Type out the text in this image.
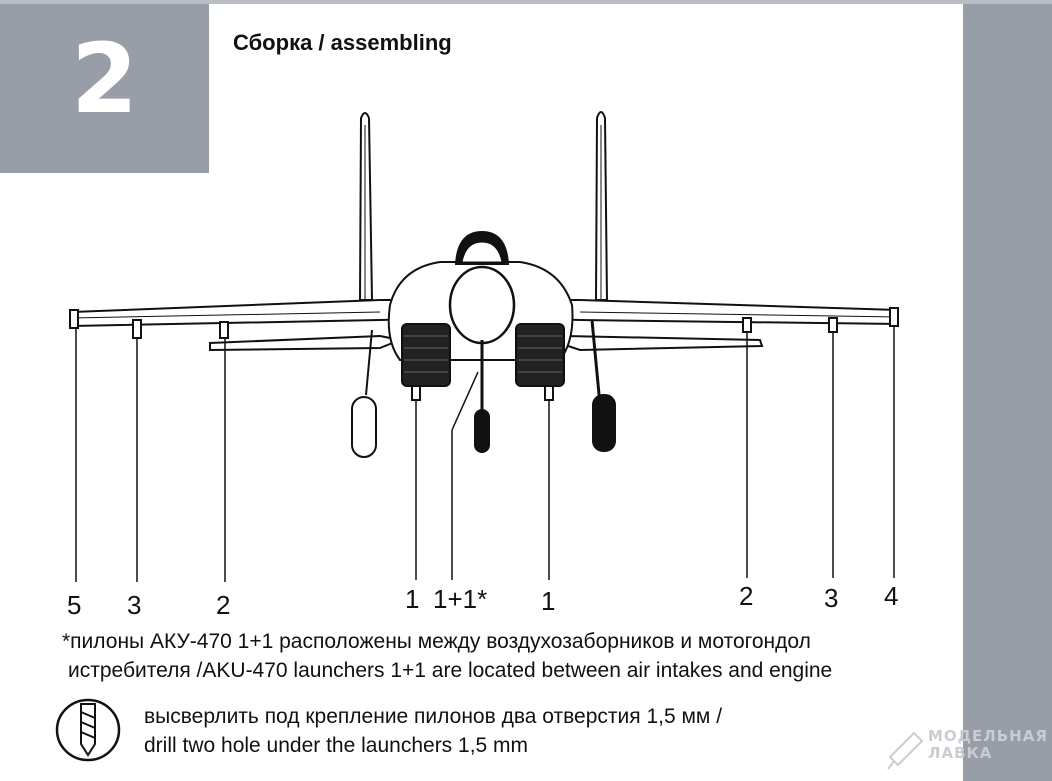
2	Сборка / assembling
5 3	2	1 1+1* 1	2	3 4
*пилоны АКУ-470 1+1 расположены между воздухозаборников и мотогондол
истребителя /AKU-470 launchers 1+1 are located between air intakes and engine
высверлить под крепление пилонов два отверстия 1,5 мм /
drill two hole under the launchers 1,5 mm	МОДЕЛЬНАЯ
ЛАВКА
